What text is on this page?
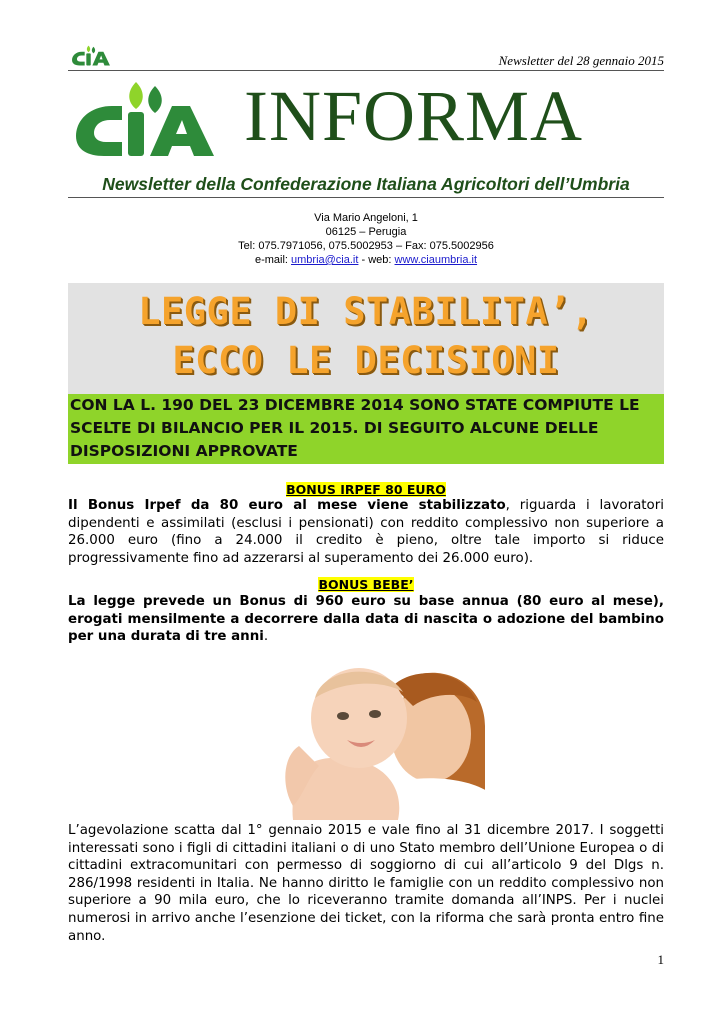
Newsletter del 28 gennaio 2015
INFORMA
Newsletter della Confederazione Italiana Agricoltori dell’Umbria
Via Mario Angeloni, 1
06125 – Perugia
Tel: 075.7971056, 075.5002953 – Fax: 075.5002956
e-mail: umbria@cia.it - web: www.ciaumbria.it
LEGGE DI STABILITA’,
ECCO LE DECISIONI
CON LA L. 190 DEL 23 DICEMBRE 2014 SONO STATE COMPIUTE LE SCELTE DI BILANCIO PER IL 2015. DI SEGUITO ALCUNE DELLE DISPOSIZIONI APPROVATE
BONUS IRPEF 80 EURO
Il Bonus Irpef da 80 euro al mese viene stabilizzato, riguarda i lavoratori dipendenti e assimilati (esclusi i pensionati) con reddito complessivo non superiore a 26.000 euro (fino a 24.000 il credito è pieno, oltre tale importo si riduce progressivamente fino ad azzerarsi al superamento dei 26.000 euro).
BONUS BEBE’
La legge prevede un Bonus di 960 euro su base annua (80 euro al mese), erogati mensilmente a decorrere dalla data di nascita o adozione del bambino per una durata di tre anni.
L’agevolazione scatta dal 1° gennaio 2015 e vale fino al 31 dicembre 2017. I soggetti interessati sono i figli di cittadini italiani o di uno Stato membro dell’Unione Europea o di cittadini extracomunitari con permesso di soggiorno di cui all’articolo 9 del Dlgs n. 286/1998 residenti in Italia. Ne hanno diritto le famiglie con un reddito complessivo non superiore a 90 mila euro, che lo riceveranno tramite domanda all’INPS. Per i nuclei numerosi in arrivo anche l’esenzione dei ticket, con la riforma che sarà pronta entro fine anno.
1
